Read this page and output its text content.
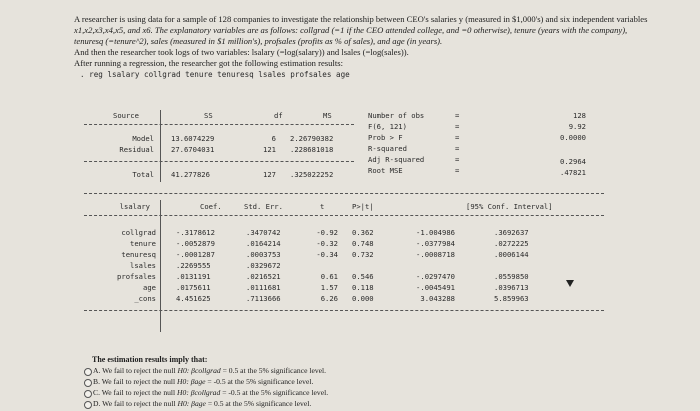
A researcher is using data for a sample of 128 companies to investigate the relationship between CEO's salaries y (measured in $1,000's) and six independent variables
x1,x2,x3,x4,x5, and x6. The explanatory variables are as follows: collgrad (=1 if the CEO attended college, and =0 otherwise), tenure (years with the company),
tenuresq (=tenure^2), sales (measured in $1 million's), profsales (profits as % of sales), and age (in years).
And then the researcher took logs of two variables: lsalary (=log(salary)) and lsales (=log(sales)).
After running a regression, the researcher got the following estimation results:
. reg lsalary collgrad tenure tenuresq lsales profsales age
Source	SS	df	MS
Model 13.6074229	6 2.26790382
Residual 27.6704031	121 .228681018
Total 41.277826	127 .325022252
Number of obs	=	128
F(6, 121)	=	9.92
Prob > F	=	0.0000
R-squared	=
Adj R-squared	=	0.2964
Root MSE	=	.47821
lsalary	Coef.	Std. Err.	t	P>|t|	[95% Conf. Interval]
collgrad	-.3178612	.3470742	-0.92 0.362	-1.004986	.3692637
tenure	-.0052879	.0164214	-0.32 0.748	-.0377984	.0272225
tenuresq	-.0001287	.0003753	-0.34 0.732	-.0008718	.0006144
lsales	.2269555	.0329672
profsales	.0131191	.0216521	0.61 0.546	-.0297470	.0559850
age	.0175611	.0111681	1.57 0.118	-.0045491	.0396713
_cons	4.451625	.7113666	6.26 0.000	3.043288	5.859963
The estimation results imply that:
A. We fail to reject the null H0: βcollgrad = 0.5 at the 5% significance level.
B. We fail to reject the null H0: βage = -0.5 at the 5% significance level.
C. We fail to reject the null H0: βcollgrad = -0.5 at the 5% significance level.
D. We fail to reject the null H0: βage = 0.5 at the 5% significance level.
